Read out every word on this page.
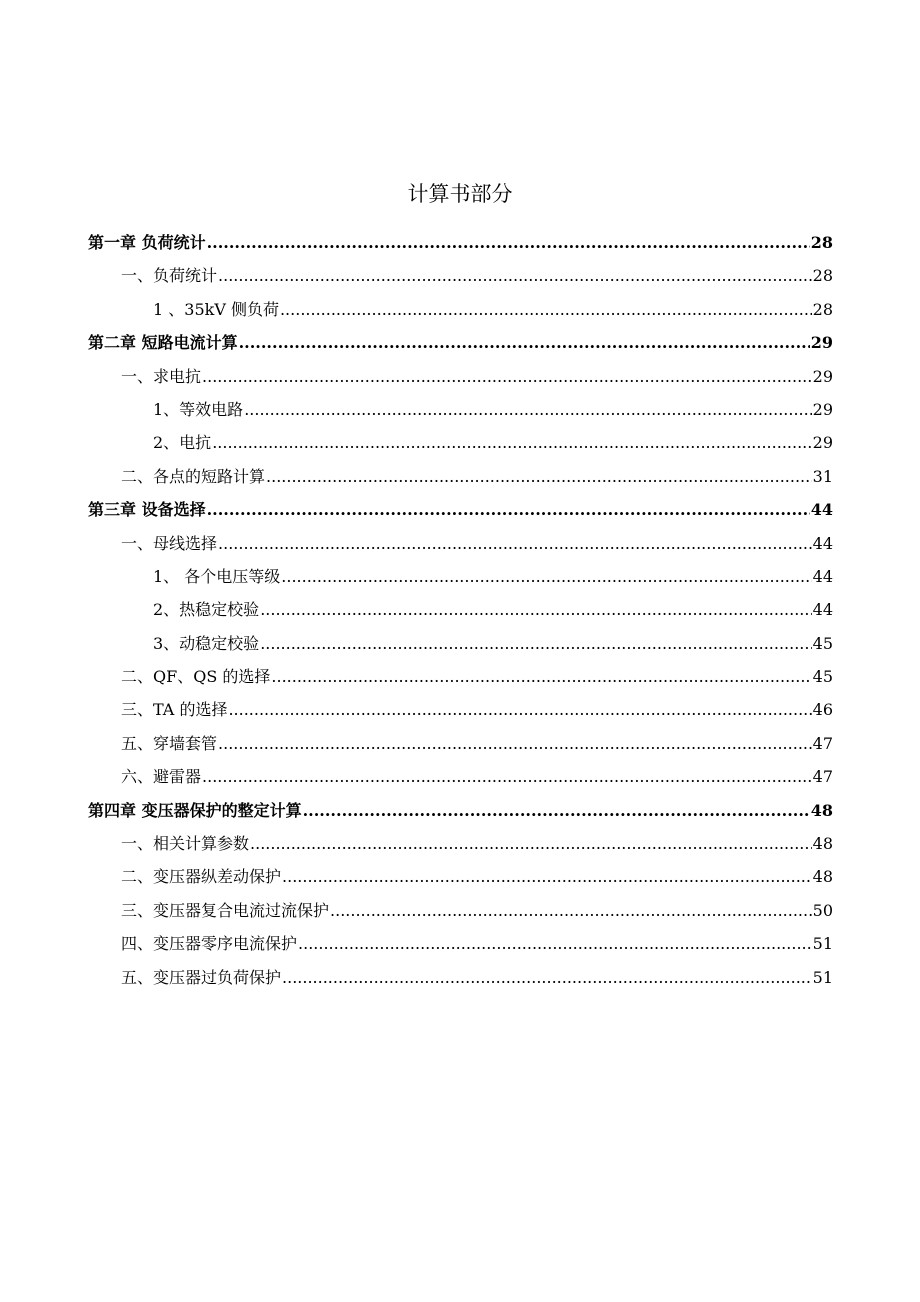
计算书部分
第一章 负荷统计 .....	28
一、负荷统计 .....	28
1 、35kV 侧负荷 .....	28
第二章 短路电流计算 .....	29
一、求电抗 .....	29
1、等效电路 .....	29
2、电抗 .....	29
二、各点的短路计算 .....	31
第三章 设备选择 .....	44
一、母线选择 .....	44
1、 各个电压等级 .....	44
2、热稳定校验 .....	44
3、动稳定校验 .....	45
二、QF、QS 的选择 .....	45
三、TA 的选择 .....	46
五、穿墙套管 .....	47
六、避雷器 .....	47
第四章 变压器保护的整定计算 .....	48
一、相关计算参数 .....	48
二、变压器纵差动保护 .....	48
三、变压器复合电流过流保护 .....	50
四、变压器零序电流保护 .....	51
五、变压器过负荷保护 .....	51
